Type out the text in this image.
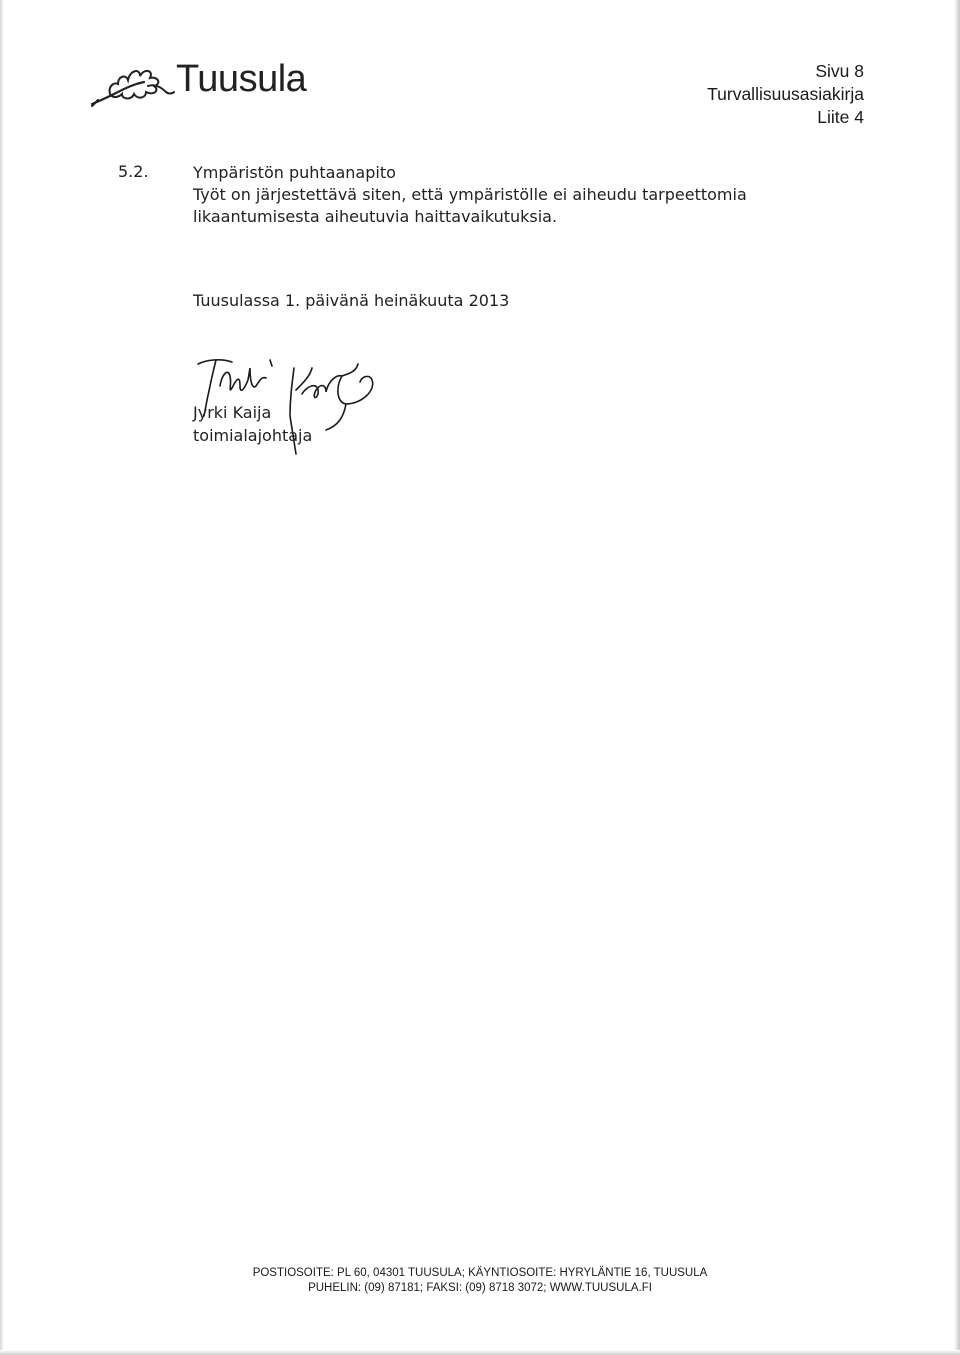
Tuusula	Sivu 8
Turvallisuusasiakirja
Liite 4
5.2.	Ympäristön puhtaanapito
Työt on järjestettävä siten, että ympäristölle ei aiheudu tarpeettomia
likaantumisesta aiheutuvia haittavaikutuksia.
Tuusulassa 1. päivänä heinäkuuta 2013
Jyrki Kaija
toimialajohtaja
POSTIOSOITE: PL 60, 04301 TUUSULA; KÄYNTIOSOITE: HYRYLÄNTIE 16, TUUSULA
PUHELIN: (09) 87181; FAKSI: (09) 8718 3072; WWW.TUUSULA.FI
